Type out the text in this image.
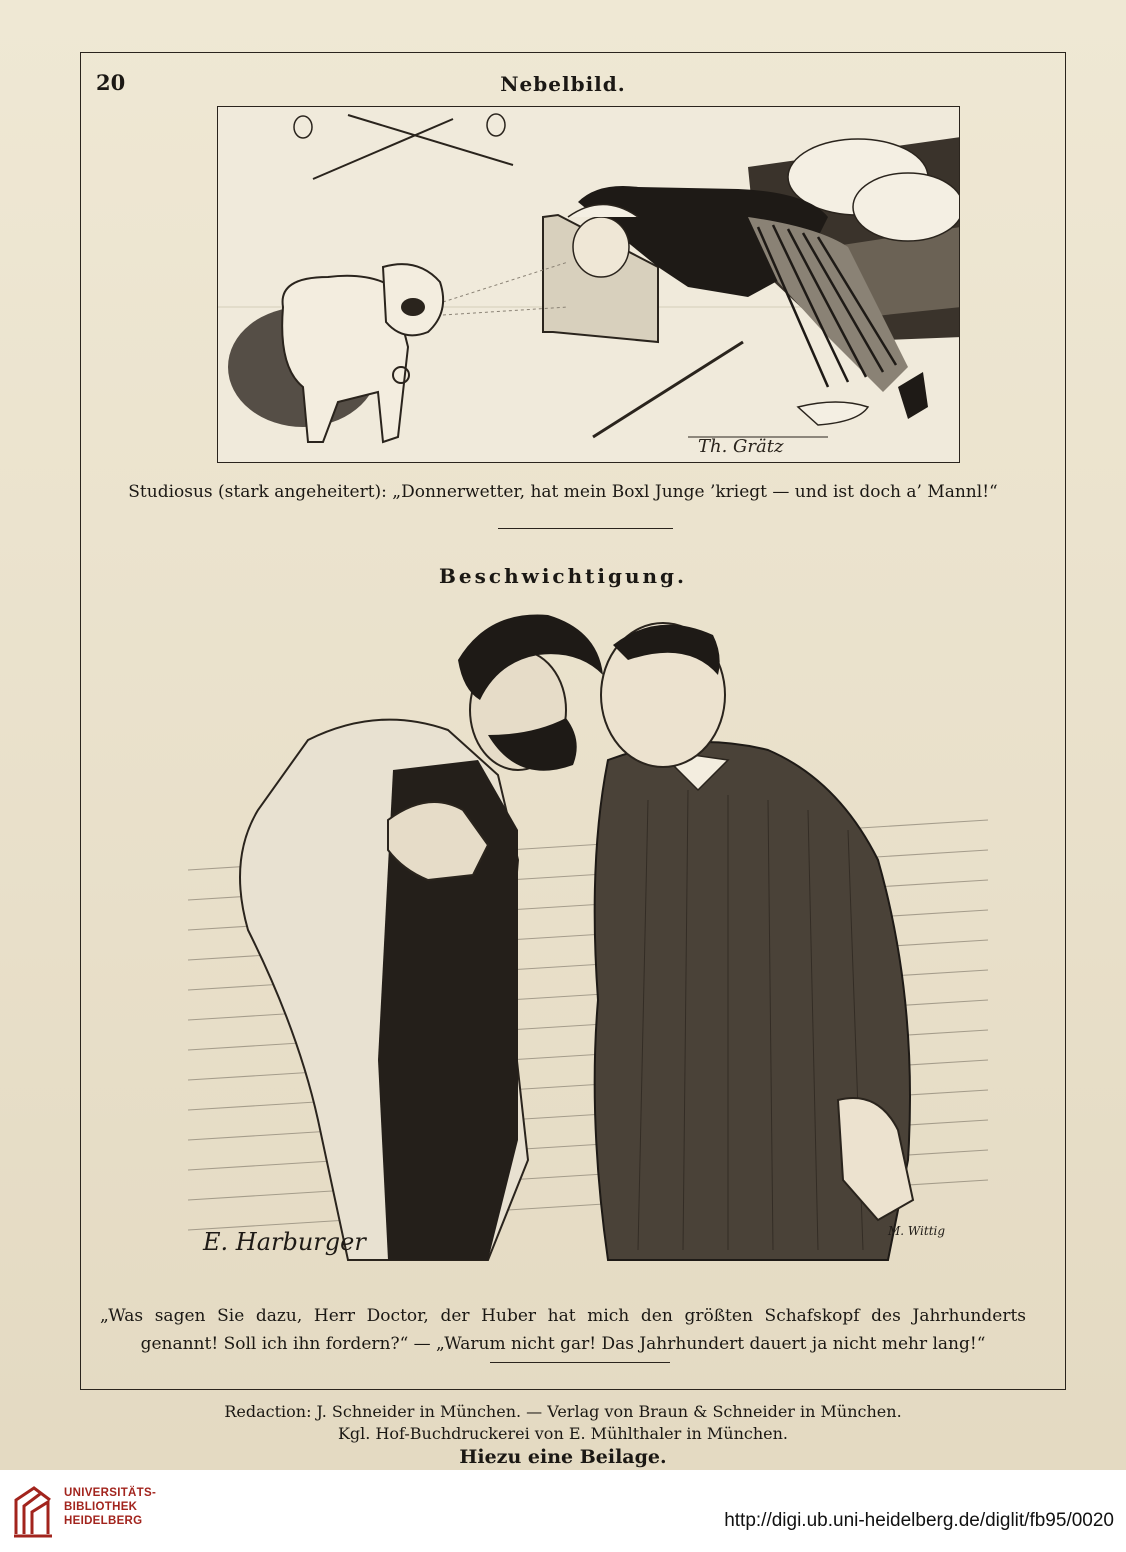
20	Nebelbild.
Th. Grätz
Studiosus (stark angeheitert): „Donnerwetter, hat mein Boxl Junge ’kriegt — und ist doch a’ Mannl!“
Beschwichtigung.
E. Harburger	M. Wittig
„Was sagen Sie dazu, Herr Doctor, der Huber hat mich den größten Schafskopf des Jahrhunderts
genannt! Soll ich ihn fordern?“ — „Warum nicht gar! Das Jahrhundert dauert ja nicht mehr lang!“
Redaction: J. Schneider in München. — Verlag von Braun & Schneider in München.
Kgl. Hof-Buchdruckerei von E. Mühlthaler in München.
Hiezu eine Beilage.
UNIVERSITÄTS-
BIBLIOTHEK
HEIDELBERG	http://digi.ub.uni-heidelberg.de/diglit/fb95/0020
